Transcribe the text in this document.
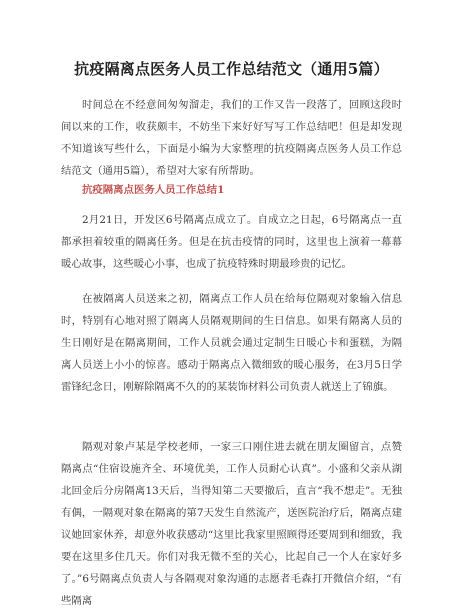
抗疫隔离点医务人员工作总结范文（通用5篇）

时间总在不经意间匆匆溜走，我们的工作又告一段落了，回顾这段时间以来的工作，收获颇丰，不妨坐下来好好写写工作总结吧！但是却发现不知道该写些什么，下面是小编为大家整理的抗疫隔离点医务人员工作总结范文（通用5篇），希望对大家有所帮助。

抗疫隔离点医务人员工作总结1

2月21日，开发区6号隔离点成立了。自成立之日起，6号隔离点一直都承担着较重的隔离任务。但是在抗击疫情的同时，这里也上演着一幕幕暖心故事，这些暖心小事，也成了抗疫特殊时期最珍贵的记忆。

在被隔离人员送来之初，隔离点工作人员在给每位隔观对象输入信息时，特别有心地对照了隔离人员隔观期间的生日信息。如果有隔离人员的生日刚好是在隔离期间，工作人员就会通过定制生日暖心卡和蛋糕，为隔离人员送上小小的惊喜。感动于隔离点入微细致的暖心服务，在3月5日学雷锋纪念日，刚解除隔离不久的的某装饰材料公司负责人就送上了锦旗。

隔观对象卢某是学校老师，一家三口刚住进去就在朋友圈留言，点赞隔离点“住宿设施齐全、环境优美，工作人员耐心认真”。小盛和父亲从湖北回金后分房隔离13天后，当得知第二天要撤后，直言“我不想走”。无独有偶，一隔观对象在隔离的第7天发生自然流产，送医院治疗后，隔离点建议她回家休养，却意外收获感动“这里比我家里照顾得还要周到和细致，我要在这里多住几天。你们对我无微不至的关心，比起自己一个人在家好多了。”6号隔离点负责人与各隔观对象沟通的志愿者毛森打开微信介绍，“有些隔离
